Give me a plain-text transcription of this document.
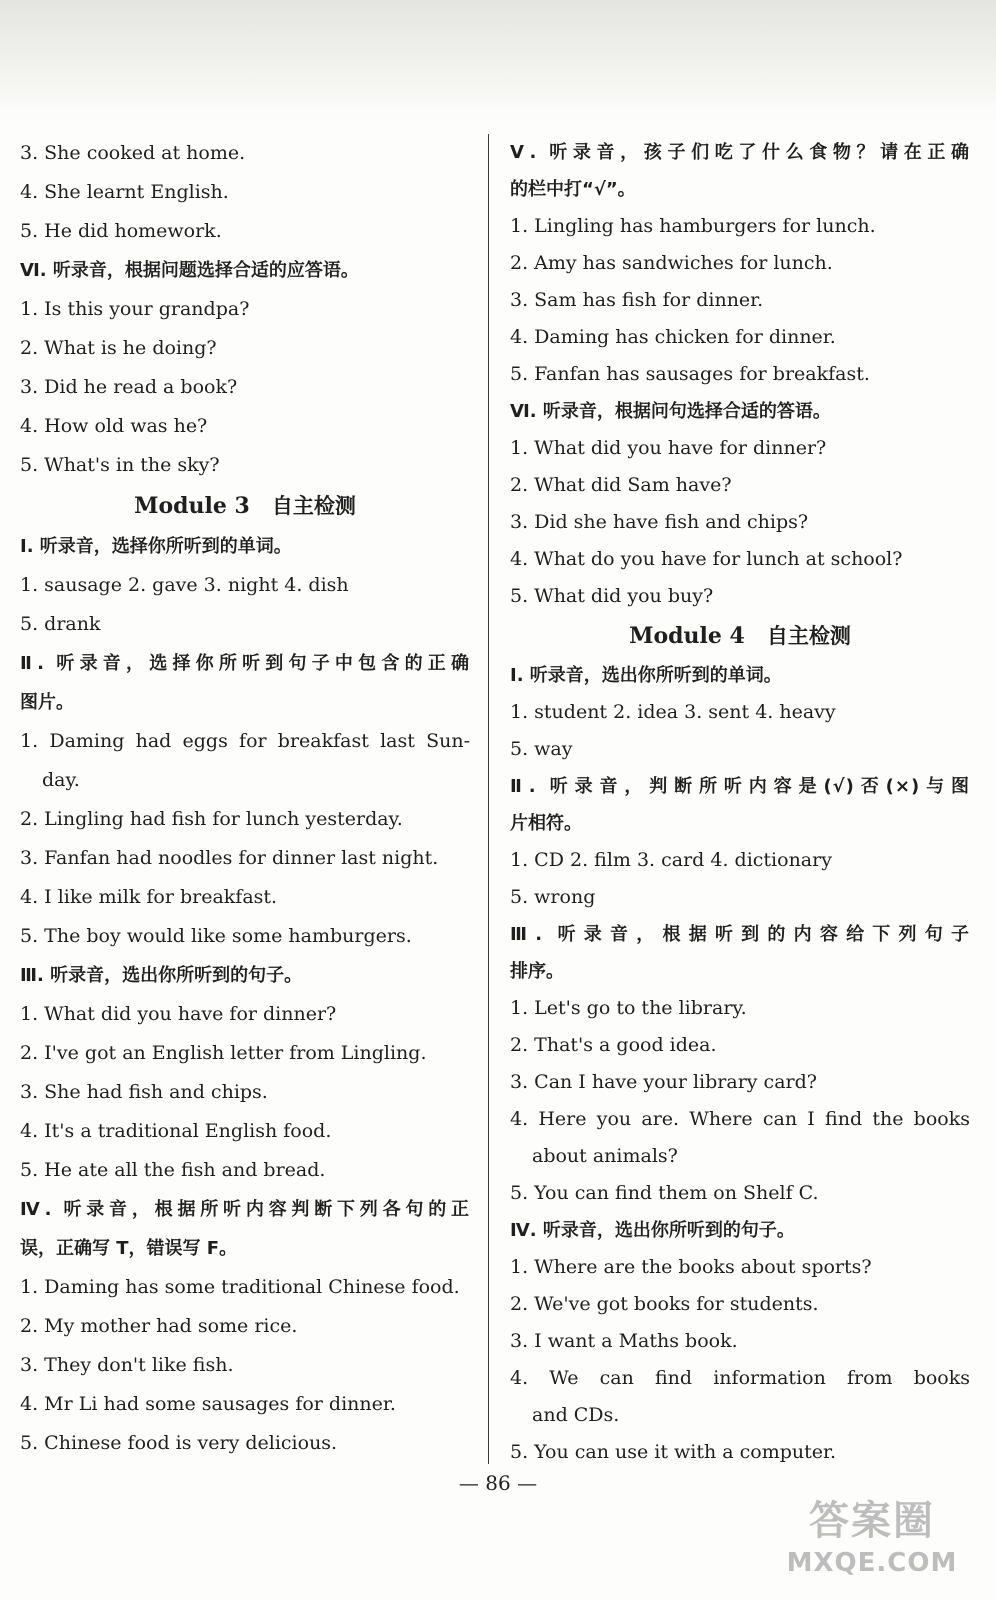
3. She cooked at home.
4. She learnt English.
5. He did homework.
Ⅵ. 听录音，根据问题选择合适的应答语。
1. Is this your grandpa?
2. What is he doing?
3. Did he read a book?
4. How old was he?
5. What's in the sky?
Module 3 自主检测
Ⅰ. 听录音，选择你所听到的单词。
1. sausage 2. gave 3. night 4. dish
5. drank
Ⅱ. 听录音，选择你所听到句子中包含的正确
图片。
1. Daming had eggs for breakfast last Sun-
day.
2. Lingling had fish for lunch yesterday.
3. Fanfan had noodles for dinner last night.
4. I like milk for breakfast.
5. The boy would like some hamburgers.
Ⅲ. 听录音，选出你所听到的句子。
1. What did you have for dinner?
2. I've got an English letter from Lingling.
3. She had fish and chips.
4. It's a traditional English food.
5. He ate all the fish and bread.
Ⅳ. 听录音，根据所听内容判断下列各句的正
误，正确写 T，错误写 F。
1. Daming has some traditional Chinese food.
2. My mother had some rice.
3. They don't like fish.
4. Mr Li had some sausages for dinner.
5. Chinese food is very delicious.
Ⅴ. 听录音，孩子们吃了什么食物？请在正确
的栏中打“√”。
1. Lingling has hamburgers for lunch.
2. Amy has sandwiches for lunch.
3. Sam has fish for dinner.
4. Daming has chicken for dinner.
5. Fanfan has sausages for breakfast.
Ⅵ. 听录音，根据问句选择合适的答语。
1. What did you have for dinner?
2. What did Sam have?
3. Did she have fish and chips?
4. What do you have for lunch at school?
5. What did you buy?
Module 4 自主检测
Ⅰ. 听录音，选出你所听到的单词。
1. student 2. idea 3. sent 4. heavy
5. way
Ⅱ. 听录音，判断所听内容是(√)否(×)与图
片相符。
1. CD 2. film 3. card 4. dictionary
5. wrong
Ⅲ. 听录音，根据听到的内容给下列句子
排序。
1. Let's go to the library.
2. That's a good idea.
3. Can I have your library card?
4. Here you are. Where can I find the books
about animals?
5. You can find them on Shelf C.
Ⅳ. 听录音，选出你所听到的句子。
1. Where are the books about sports?
2. We've got books for students.
3. I want a Maths book.
4. We can find information from books
and CDs.
5. You can use it with a computer.
— 86 —
答案圈
MXQE.COM
